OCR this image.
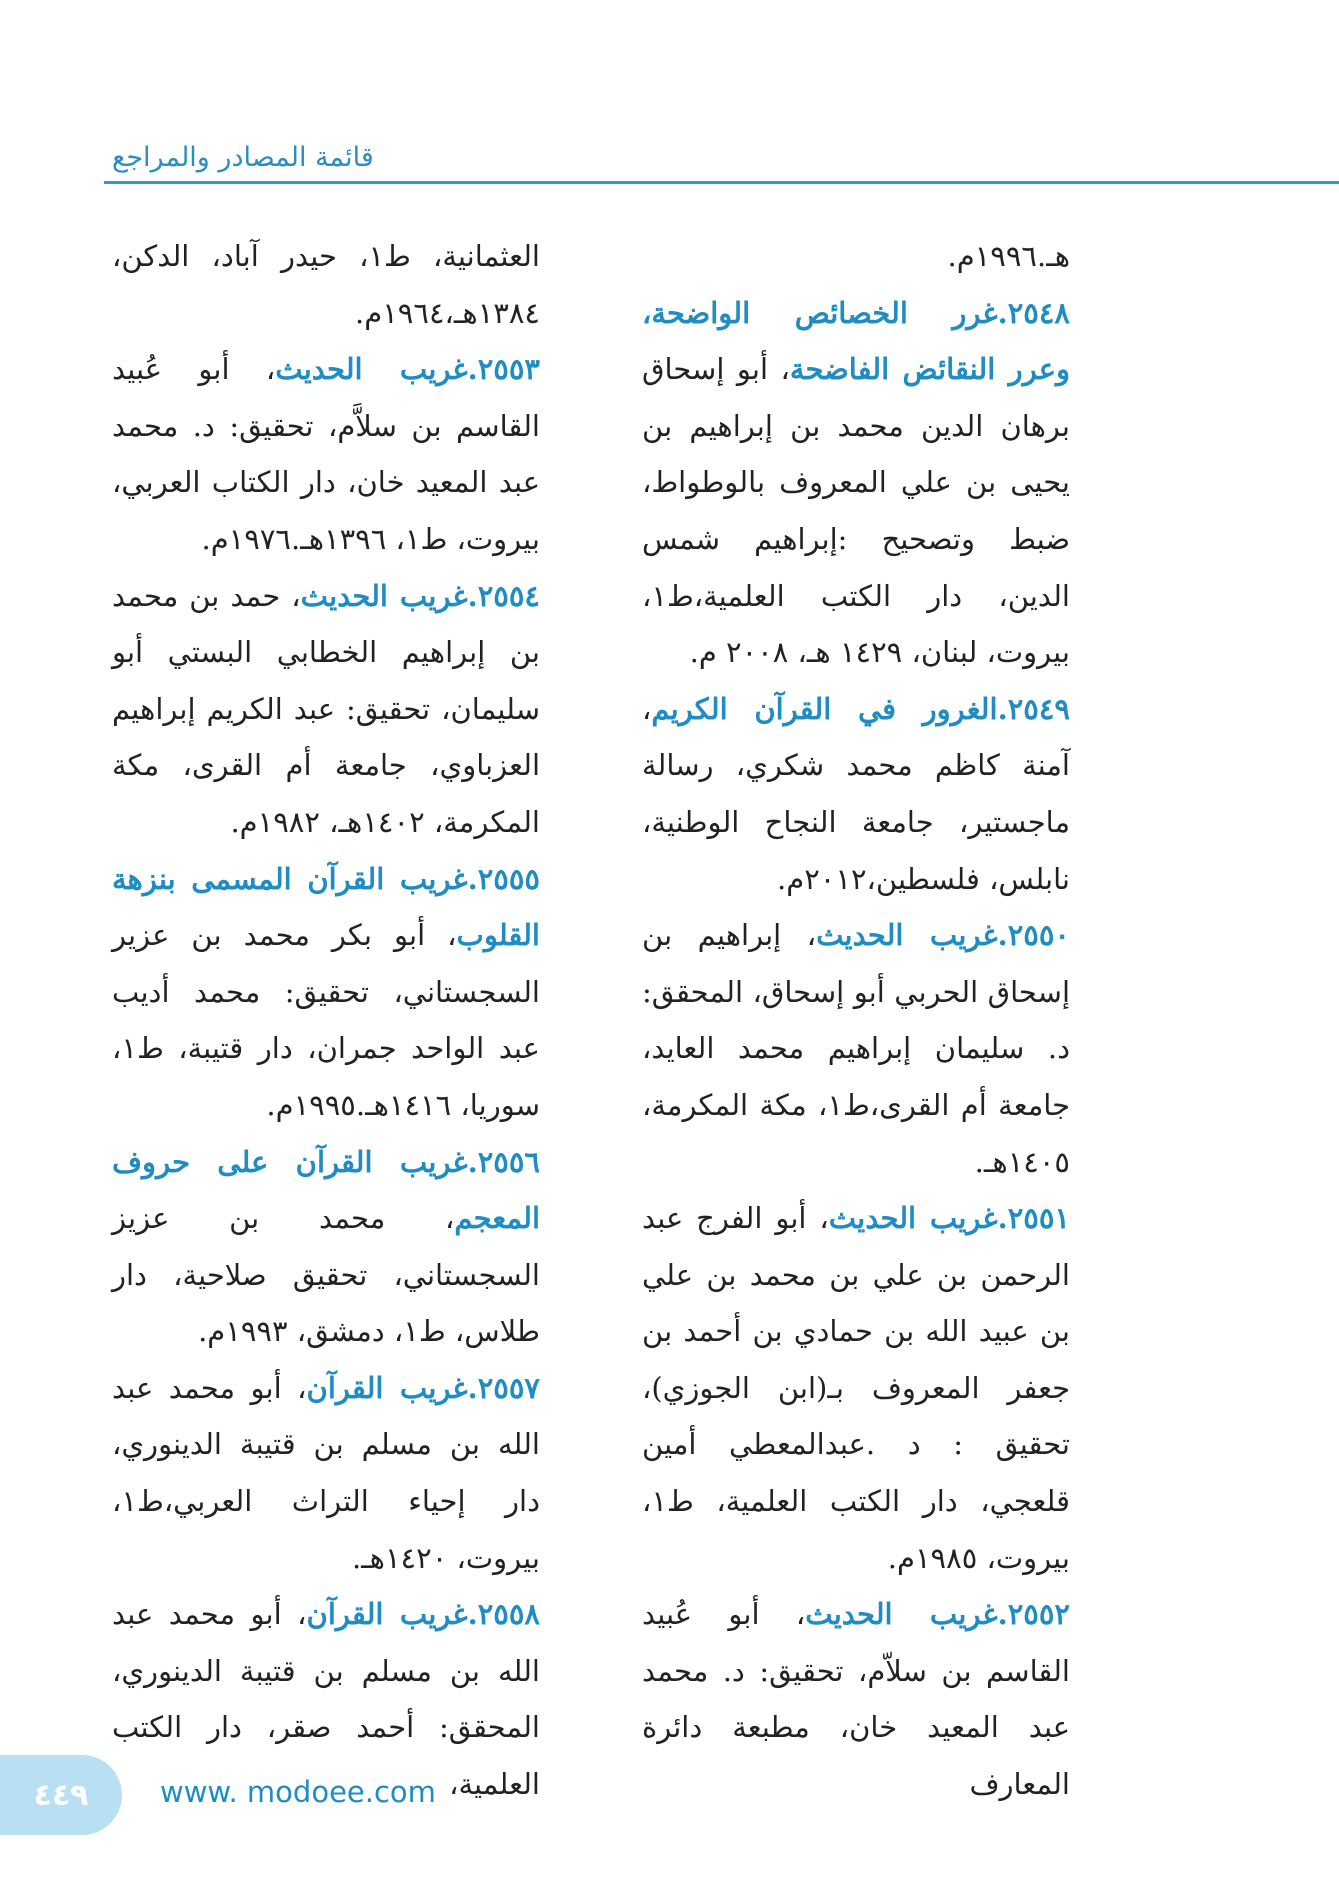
قائمة المصادر والمراجع

هـ.١٩٩٦م.

٢٥٤٨.غرر الخصائص الواضحة، وعرر النقائض الفاضحة، أبو إسحاق برهان الدين محمد بن إبراهيم بن يحيى بن علي المعروف بالوطواط، ضبط وتصحيح :إبراهيم شمس الدين، دار الكتب العلمية،ط١، بيروت، لبنان، ١٤٢٩ هـ، ٢٠٠٨ م.

٢٥٤٩.الغرور في القرآن الكريم، آمنة كاظم محمد شكري، رسالة ماجستير، جامعة النجاح الوطنية، نابلس، فلسطين،٢٠١٢م.

٢٥٥٠.غريب الحديث، إبراهيم بن إسحاق الحربي أبو إسحاق، المحقق: د. سليمان إبراهيم محمد العايد، جامعة أم القرى،ط١، مكة المكرمة، ١٤٠٥هـ.

٢٥٥١.غريب الحديث، أبو الفرج عبد الرحمن بن علي بن محمد بن علي بن عبيد الله بن حمادي بن أحمد بن جعفر المعروف بـ(ابن الجوزي)، تحقيق : د .عبدالمعطي أمين قلعجي، دار الكتب العلمية، ط١، بيروت، ١٩٨٥م.

٢٥٥٢.غريب الحديث، أبو عُبيد القاسم بن سلاّم، تحقيق: د. محمد عبد المعيد خان، مطبعة دائرة المعارف

العثمانية، ط١، حيدر آباد، الدكن، ١٣٨٤هـ،١٩٦٤م.

٢٥٥٣.غريب الحديث، أبو عُبيد القاسم بن سلاَّم، تحقيق: د. محمد عبد المعيد خان، دار الكتاب العربي، بيروت، ط١، ١٣٩٦هـ.١٩٧٦م.

٢٥٥٤.غريب الحديث، حمد بن محمد بن إبراهيم الخطابي البستي أبو سليمان، تحقيق: عبد الكريم إبراهيم العزباوي، جامعة أم القرى، مكة المكرمة، ١٤٠٢هـ، ١٩٨٢م.

٢٥٥٥.غريب القرآن المسمى بنزهة القلوب، أبو بكر محمد بن عزير السجستاني، تحقيق: محمد أديب عبد الواحد جمران، دار قتيبة، ط١، سوريا، ١٤١٦هـ.١٩٩٥م.

٢٥٥٦.غريب القرآن على حروف المعجم، محمد بن عزيز السجستاني، تحقيق صلاحية، دار طلاس، ط١، دمشق، ١٩٩٣م.

٢٥٥٧.غريب القرآن، أبو محمد عبد الله بن مسلم بن قتيبة الدينوري، دار إحياء التراث العربي،ط١، بيروت، ١٤٢٠هـ.

٢٥٥٨.غريب القرآن، أبو محمد عبد الله بن مسلم بن قتيبة الدينوري، المحقق: أحمد صقر، دار الكتب العلمية،

٤٤٩	www. modoee.com
